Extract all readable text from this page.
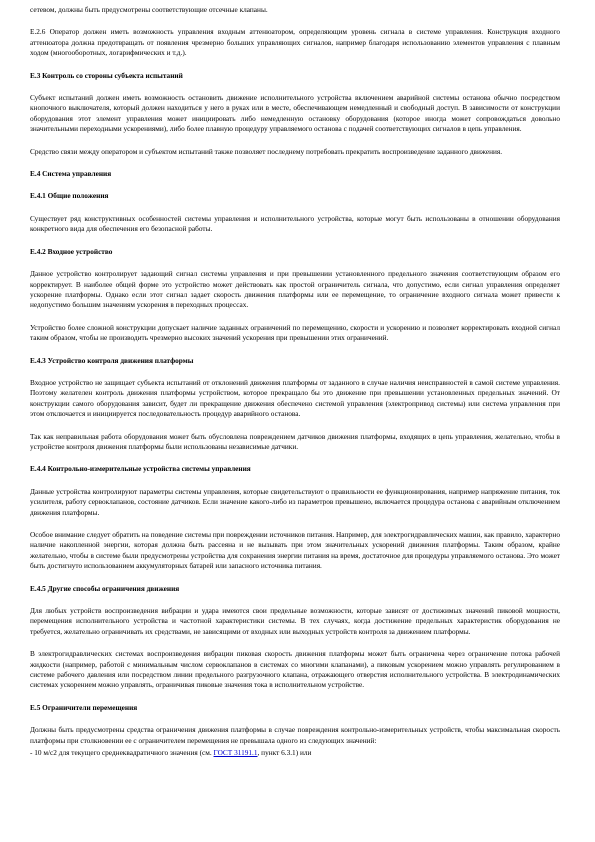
сетевом, должны быть предусмотрены соответствующие отсечные клапаны.

Е.2.6 Оператор должен иметь возможность управления входным аттенюатором, определяющим уровень сигнала в системе управления. Конструкция входного аттенюатора должна предотвращать от появления чрезмерно больших управляющих сигналов, например благодаря использованию элементов управления с плавным ходом (многооборотных, логарифмических и т.д.).

Е.3 Контроль со стороны субъекта испытаний

Субъект испытаний должен иметь возможность остановить движение исполнительного устройства включением аварийной системы останова обычно посредством кнопочного выключателя, который должен находиться у него в руках или в месте, обеспечивающем немедленный и свободный доступ. В зависимости от конструкции оборудования этот элемент управления может инициировать либо немедленную остановку оборудования (которое иногда может сопровождаться довольно значительными переходными ускорениями), либо более плавную процедуру управляемого останова с подачей соответствующих сигналов в цепь управления.

Средство связи между оператором и субъектом испытаний также позволяет последнему потребовать прекратить воспроизведение заданного движения.

Е.4 Система управления
Е.4.1 Общие положения

Существует ряд конструктивных особенностей системы управления и исполнительного устройства, которые могут быть использованы в отношении оборудования конкретного вида для обеспечения его безопасной работы.

Е.4.2 Входное устройство

Данное устройство контролирует задающий сигнал системы управления и при превышении установленного предельного значения соответствующим образом его корректирует. В наиболее общей форме это устройство может действовать как простой ограничитель сигнала, что допустимо, если сигнал управления определяет ускорение платформы. Однако если этот сигнал задает скорость движения платформы или ее перемещение, то ограничение входного сигнала может привести к недопустимо большим значениям ускорения в переходных процессах.

Устройство более сложной конструкции допускает наличие заданных ограничений по перемещению, скорости и ускорению и позволяет корректировать входной сигнал таким образом, чтобы не производить чрезмерно высоких значений ускорения при превышении этих ограничений.

Е.4.3 Устройство контроля движения платформы

Входное устройство не защищает субъекта испытаний от отклонений движения платформы от заданного в случае наличия неисправностей в самой системе управления. Поэтому желателен контроль движения платформы устройством, которое прекращало бы это движение при превышении установленных предельных значений. От конструкции самого оборудования зависит, будет ли прекращение движения обеспечено системой управления (электропривод системы) или система управления при этом отключается и инициируется последовательность процедур аварийного останова.

Так как неправильная работа оборудования может быть обусловлена повреждением датчиков движения платформы, входящих в цепь управления, желательно, чтобы в устройстве контроля движения платформы были использованы независимые датчики.

Е.4.4 Контрольно-измерительные устройства системы управления

Данные устройства контролируют параметры системы управления, которые свидетельствуют о правильности ее функционирования, например напряжение питания, ток усилителя, работу сервоклапанов, состояние датчиков. Если значение какого-либо из параметров превышено, включается процедура останова с аварийным отключением движения платформы.

Особое внимание следует обратить на поведение системы при повреждении источников питания. Например, для электрогидравлических машин, как правило, характерно наличие накопленной энергии, которая должна быть рассеяна и не вызывать при этом значительных ускорений движения платформы. Таким образом, крайне желательно, чтобы в системе были предусмотрены устройства для сохранения энергии питания на время, достаточное для процедуры управляемого останова. Это может быть достигнуто использованием аккумуляторных батарей или запасного источника питания.

Е.4.5 Другие способы ограничения движения

Для любых устройств воспроизведения вибрации и удара имеются свои предельные возможности, которые зависят от достижимых значений пиковой мощности, перемещения исполнительного устройства и частотной характеристики системы. В тех случаях, когда достижение предельных характеристик оборудования не требуется, желательно ограничивать их средствами, не зависящими от входных или выходных устройств контроля за движением платформы.

В электрогидравлических системах воспроизведения вибрации пиковая скорость движения платформы может быть ограничена через ограничение потока рабочей жидкости (например, работой с минимальным числом сервоклапанов в системах со многими клапанами), а пиковым ускорением можно управлять регулированием в системе рабочего давления или посредством линии предельного разгрузочного клапана, отражающего отверстия исполнительного устройства. В электродинамических системах ускорением можно управлять, ограничивая пиковые значения тока в исполнительном устройстве.

Е.5 Ограничители перемещения

Должны быть предусмотрены средства ограничения движения платформы в случае повреждения контрольно-измерительных устройств, чтобы максимальная скорость платформы при столкновении ее с ограничителем перемещения не превышала одного из следующих значений:

- 10 м/с2 для текущего среднеквадратичного значения (см. ГОСТ 31191.1, пункт 6.3.1) или
